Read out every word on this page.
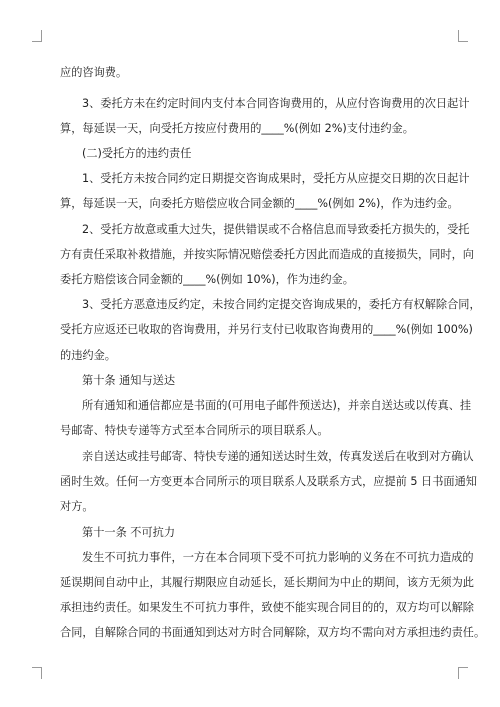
应的咨询费。
3、委托方未在约定时间内支付本合同咨询费用的，从应付咨询费用的次日起计
算，每延误一天，向受托方按应付费用的____%(例如 2%)支付违约金。
(二)受托方的违约责任
1、受托方未按合同约定日期提交咨询成果时，受托方从应提交日期的次日起计
算，每延误一天，向委托方赔偿应收合同金额的____%(例如 2%)，作为违约金。
2、受托方故意或重大过失，提供错误或不合格信息而导致委托方损失的，受托
方有责任采取补救措施，并按实际情况赔偿委托方因此而造成的直接损失，同时，向
委托方赔偿该合同金额的____%(例如 10%)，作为违约金。
3、受托方恶意违反约定，未按合同约定提交咨询成果的，委托方有权解除合同，
受托方应返还已收取的咨询费用，并另行支付已收取咨询费用的____%(例如 100%)
的违约金。
第十条 通知与送达
所有通知和通信都应是书面的(可用电子邮件预送达)，并亲自送达或以传真、挂
号邮寄、特快专递等方式至本合同所示的项目联系人。
亲自送达或挂号邮寄、特快专递的通知送达时生效，传真发送后在收到对方确认
函时生效。任何一方变更本合同所示的项目联系人及联系方式，应提前 5 日书面通知
对方。
第十一条 不可抗力
发生不可抗力事件，一方在本合同项下受不可抗力影响的义务在不可抗力造成的
延误期间自动中止，其履行期限应自动延长，延长期间为中止的期间，该方无须为此
承担违约责任。如果发生不可抗力事件，致使不能实现合同目的的，双方均可以解除
合同，自解除合同的书面通知到达对方时合同解除，双方均不需向对方承担违约责任。
